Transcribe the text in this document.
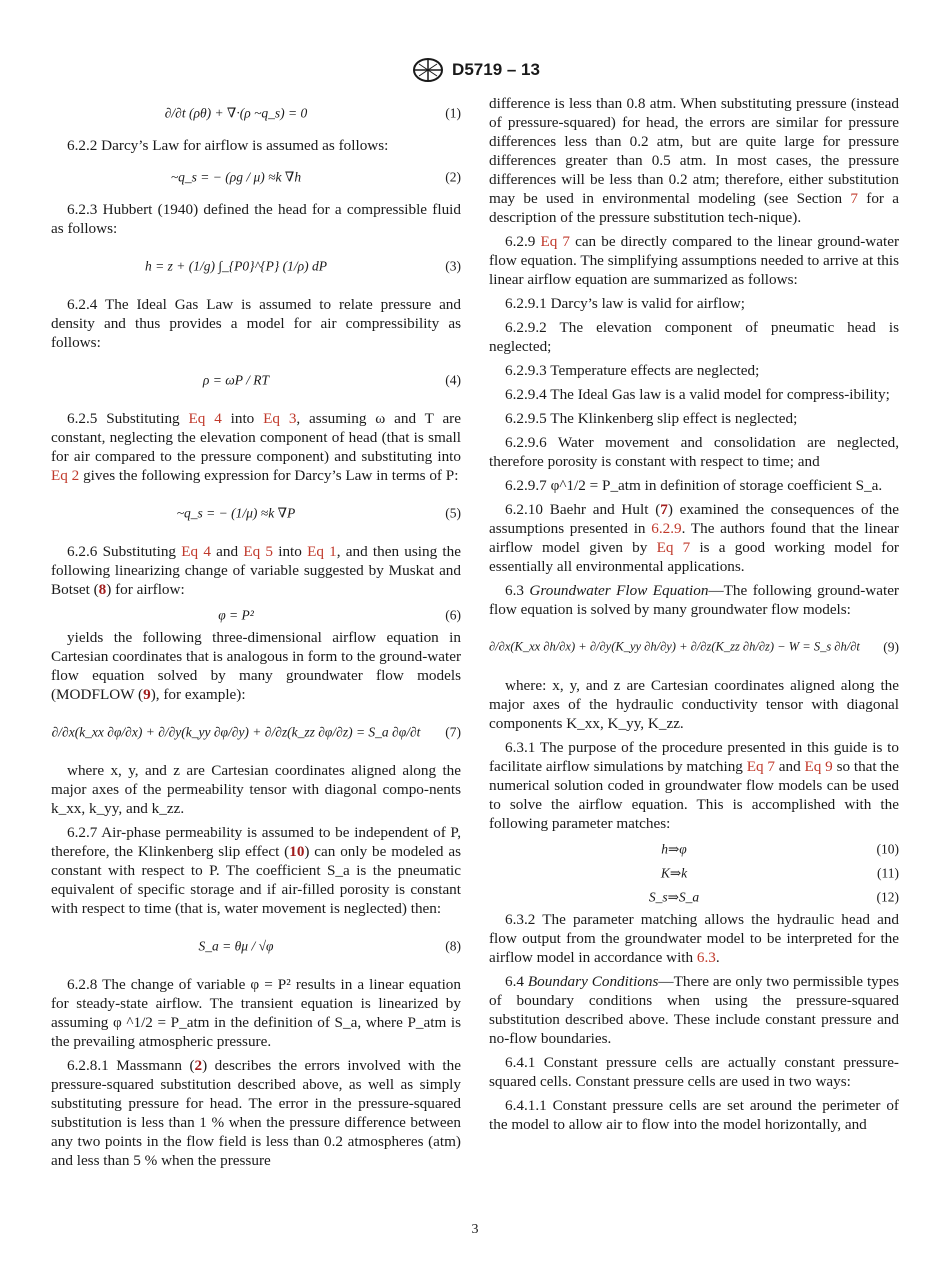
D5719 – 13
∂/∂t (ρθ) + ∇·(ρ ~q_s) = 0	(1)

6.2.2 Darcy’s Law for airflow is assumed as follows:

~q_s = − (ρg / μ) ≈k ∇h	(2)

6.2.3 Hubbert (1940) defined the head for a compressible fluid as follows:

h = z + (1/g) ∫_{P0}^{P} (1/ρ) dP	(3)

6.2.4 The Ideal Gas Law is assumed to relate pressure and density and thus provides a model for air compressibility as follows:

ρ = ωP / RT	(4)

6.2.5 Substituting Eq 4 into Eq 3, assuming ω and T are constant, neglecting the elevation component of head (that is small for air compared to the pressure component) and substituting into Eq 2 gives the following expression for Darcy’s Law in terms of P:

~q_s = − (1/μ) ≈k ∇P	(5)

6.2.6 Substituting Eq 4 and Eq 5 into Eq 1, and then using the following linearizing change of variable suggested by Muskat and Botset (8) for airflow:

φ = P²	(6)

yields the following three-dimensional airflow equation in Cartesian coordinates that is analogous in form to the ground-water flow equation solved by many groundwater flow models (MODFLOW (9), for example):

∂/∂x(k_xx ∂φ/∂x) + ∂/∂y(k_yy ∂φ/∂y) + ∂/∂z(k_zz ∂φ/∂z) = S_a ∂φ/∂t (7)

where x, y, and z are Cartesian coordinates aligned along the major axes of the permeability tensor with diagonal compo-nents k_xx, k_yy, and k_zz.

6.2.7 Air-phase permeability is assumed to be independent of P, therefore, the Klinkenberg slip effect (10) can only be modeled as constant with respect to P. The coefficient S_a is the pneumatic equivalent of specific storage and if air-filled porosity is constant with respect to time (that is, water movement is neglected) then:

S_a = θμ / √φ	(8)

6.2.8 The change of variable φ = P² results in a linear equation for steady-state airflow. The transient equation is linearized by assuming φ ^1/2 = P_atm in the definition of S_a, where P_atm is the prevailing atmospheric pressure.

6.2.8.1 Massmann (2) describes the errors involved with the pressure-squared substitution described above, as well as simply substituting pressure for head. The error in the pressure-squared substitution is less than 1 % when the pressure difference between any two points in the flow field is less than 0.2 atmospheres (atm) and less than 5 % when the pressure

difference is less than 0.8 atm. When substituting pressure (instead of pressure-squared) for head, the errors are similar for pressure differences less than 0.2 atm, but are quite large for pressure differences greater than 0.5 atm. In most cases, the pressure differences will be less than 0.2 atm; therefore, either substitution may be used in environmental modeling (see Section 7 for a description of the pressure substitution tech-nique).

6.2.9 Eq 7 can be directly compared to the linear ground-water flow equation. The simplifying assumptions needed to arrive at this linear airflow equation are summarized as follows:

6.2.9.1 Darcy’s law is valid for airflow;

6.2.9.2 The elevation component of pneumatic head is neglected;

6.2.9.3 Temperature effects are neglected;

6.2.9.4 The Ideal Gas law is a valid model for compress-ibility;

6.2.9.5 The Klinkenberg slip effect is neglected;

6.2.9.6 Water movement and consolidation are neglected, therefore porosity is constant with respect to time; and

6.2.9.7 φ^1/2 = P_atm in definition of storage coefficient S_a.

6.2.10 Baehr and Hult (7) examined the consequences of the assumptions presented in 6.2.9. The authors found that the linear airflow model given by Eq 7 is a good working model for essentially all environmental applications.

6.3 Groundwater Flow Equation—The following ground-water flow equation is solved by many groundwater flow models:

∂/∂x(K_xx ∂h/∂x) + ∂/∂y(K_yy ∂h/∂y) + ∂/∂z(K_zz ∂h/∂z) − W = S_s ∂h/∂t (9)

where: x, y, and z are Cartesian coordinates aligned along the major axes of the hydraulic conductivity tensor with diagonal components K_xx, K_yy, K_zz.

6.3.1 The purpose of the procedure presented in this guide is to facilitate airflow simulations by matching Eq 7 and Eq 9 so that the numerical solution coded in groundwater flow models can be used to solve the airflow equation. This is accomplished with the following parameter matches:

h⇒φ	(10)
K⇒k	(11)
S_s⇒S_a	(12)

6.3.2 The parameter matching allows the hydraulic head and flow output from the groundwater model to be interpreted for the airflow model in accordance with 6.3.

6.4 Boundary Conditions—There are only two permissible types of boundary conditions when using the pressure-squared substitution described above. These include constant pressure and no-flow boundaries.

6.4.1 Constant pressure cells are actually constant pressure-squared cells. Constant pressure cells are used in two ways:

6.4.1.1 Constant pressure cells are set around the perimeter of the model to allow air to flow into the model horizontally, and

3
